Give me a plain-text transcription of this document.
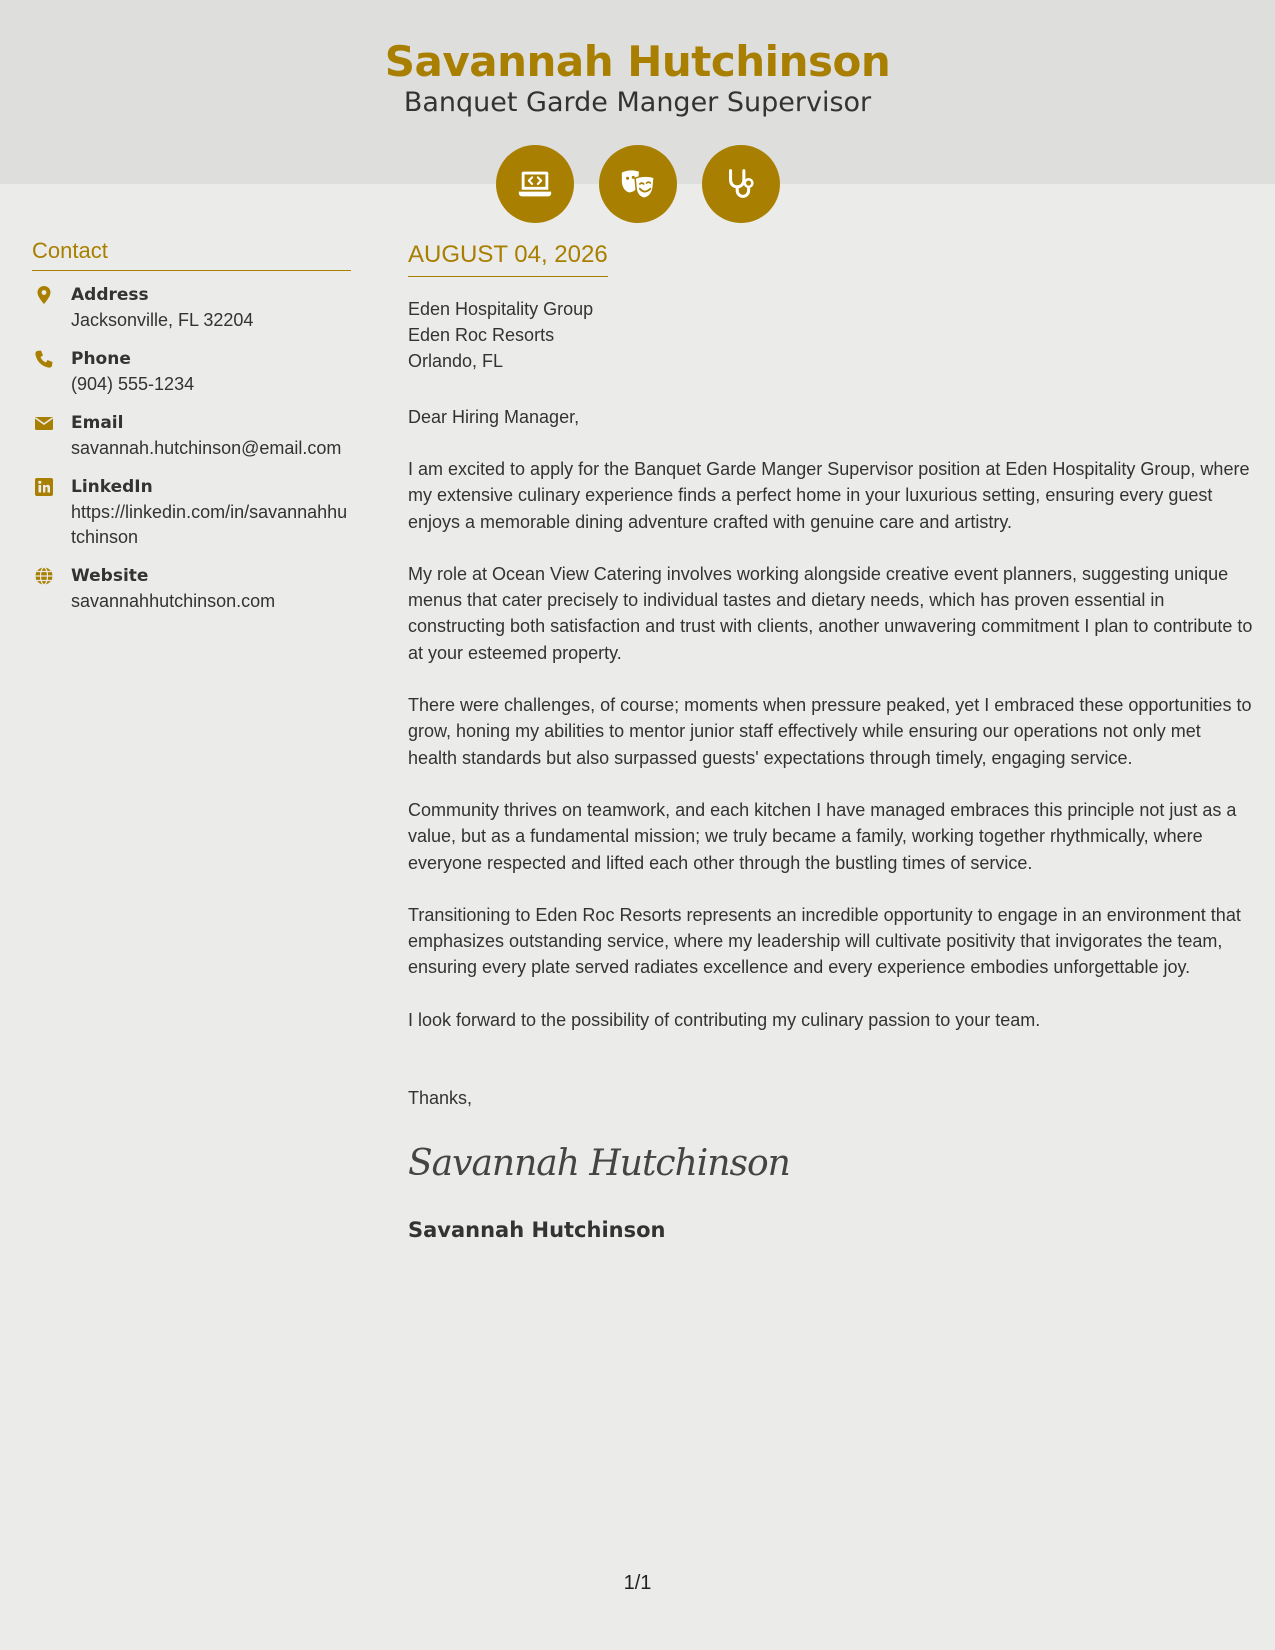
Savannah Hutchinson
Banquet Garde Manger Supervisor
Contact
Address
Jacksonville, FL 32204
Phone
(904) 555-1234
Email
savannah.hutchinson@email.com
LinkedIn
https://linkedin.com/in/savannahhutchinson
Website
savannahhutchinson.com
AUGUST 04, 2026
Eden Hospitality Group
Eden Roc Resorts
Orlando, FL
Dear Hiring Manager,
I am excited to apply for the Banquet Garde Manger Supervisor position at Eden Hospitality Group, where my extensive culinary experience finds a perfect home in your luxurious setting, ensuring every guest enjoys a memorable dining adventure crafted with genuine care and artistry.
My role at Ocean View Catering involves working alongside creative event planners, suggesting unique menus that cater precisely to individual tastes and dietary needs, which has proven essential in constructing both satisfaction and trust with clients, another unwavering commitment I plan to contribute to at your esteemed property.
There were challenges, of course; moments when pressure peaked, yet I embraced these opportunities to grow, honing my abilities to mentor junior staff effectively while ensuring our operations not only met health standards but also surpassed guests' expectations through timely, engaging service.
Community thrives on teamwork, and each kitchen I have managed embraces this principle not just as a value, but as a fundamental mission; we truly became a family, working together rhythmically, where everyone respected and lifted each other through the bustling times of service.
Transitioning to Eden Roc Resorts represents an incredible opportunity to engage in an environment that emphasizes outstanding service, where my leadership will cultivate positivity that invigorates the team, ensuring every plate served radiates excellence and every experience embodies unforgettable joy.
I look forward to the possibility of contributing my culinary passion to your team.
Thanks,
Savannah Hutchinson
Savannah Hutchinson
1/1
